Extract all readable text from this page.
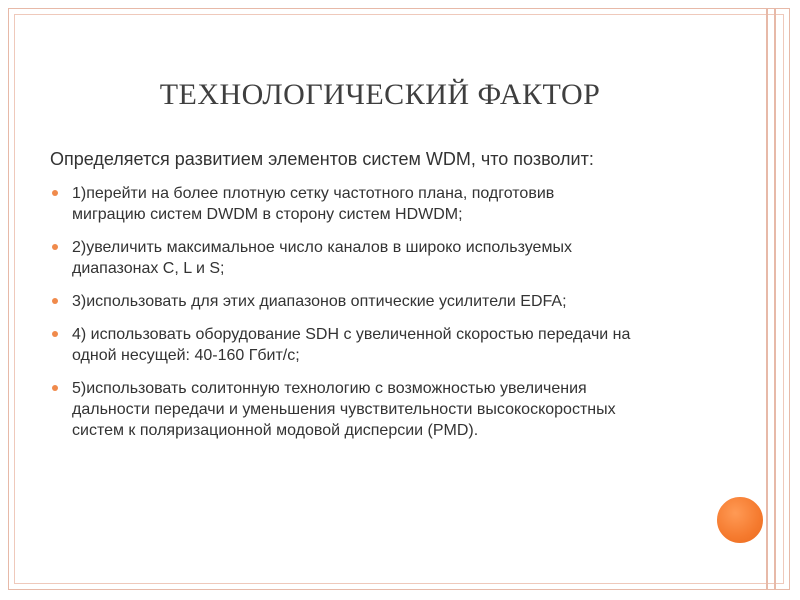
ТЕХНОЛОГИЧЕСКИЙ ФАКТОР
Определяется развитием элементов систем WDM, что позволит:
1)перейти на более плотную сетку частотного плана, подготовив
миграцию систем DWDM в сторону систем HDWDM;
2)увеличить максимальное число каналов в широко используемых
диапазонах C, L и S;
3)использовать для этих диапазонов оптические усилители EDFA;
4) использовать оборудование SDH с увеличенной скоростью передачи на
одной несущей: 40-160 Гбит/с;
5)использовать солитонную технологию с возможностью увеличения
дальности передачи и уменьшения чувствительности высокоскоростных
систем к поляризационной модовой дисперсии (PMD).
